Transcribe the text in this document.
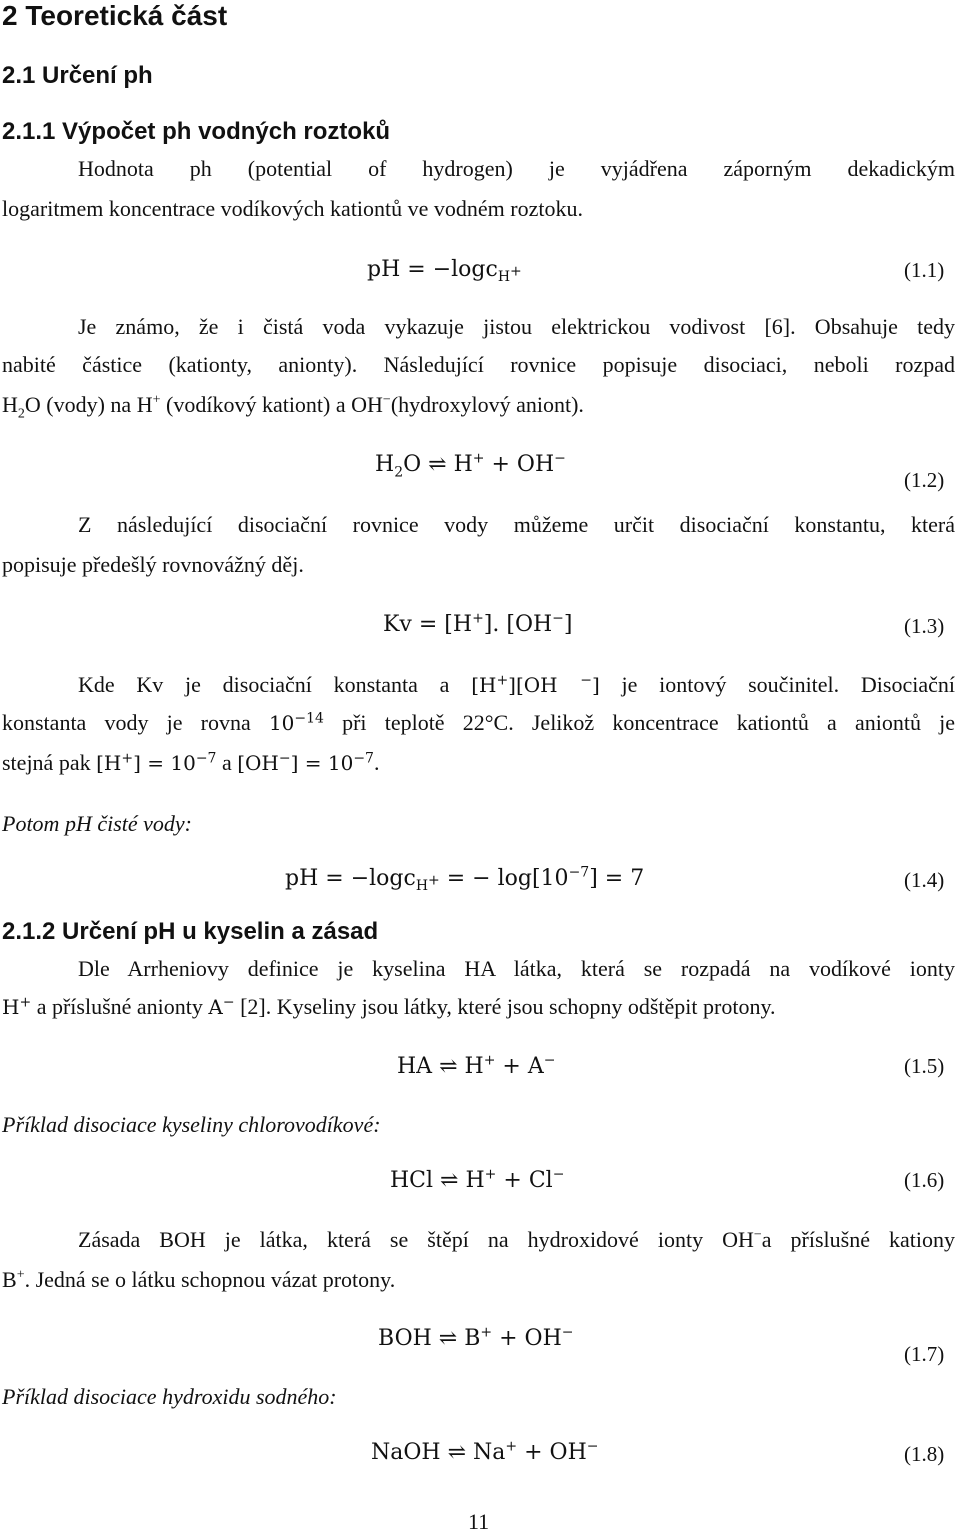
2 Teoretická část
2.1 Určení ph
2.1.1 Výpočet ph vodných roztoků
Hodnota ph (potential of hydrogen) je vyjádřena záporným dekadickým
logaritmem koncentrace vodíkových kationtů ve vodném roztoku.
pH = −logc$_{H^+}$	(1.1)
Je známo, že i čistá voda vykazuje jistou elektrickou vodivost [6]. Obsahuje tedy
nabité částice (kationty, anionty). Následující rovnice popisuje disociaci, neboli rozpad
$H_2O$ (vody) na H+ (vodíkový kationt) a OH−(hydroxylový aniont).
$H_2O$ ⇌ H+ + OH−
(1.2)
Z následující disociační rovnice vody můžeme určit disociační konstantu, která
popisuje předešlý rovnovážný děj.
Kv = [H+]. [OH−]	(1.3)
Kde Kv je disociační konstanta a [H+][OH −] je iontový součinitel. Disociační
konstanta vody je rovna $10^{-14}$ při teplotě 22°C. Jelikož koncentrace kationtů a aniontů je
stejná pak $[H^+] = 10^{-7}$ a $[OH^-] = 10^{-7}$.
Potom pH čisté vody:
pH = −logc$_{H^+}$ = − $\log[10^{-7}] = 7$	(1.4)
2.1.2 Určení pH u kyselin a zásad
Dle Arrheniovy definice je kyselina HA látka, která se rozpadá na vodíkové ionty
H+ a příslušné anionty A− [2]. Kyseliny jsou látky, které jsou schopny odštěpit protony.
HA ⇌ H+ + A−	(1.5)
Příklad disociace kyseliny chlorovodíkové:
HCl ⇌ H+ + Cl−	(1.6)
Zásada BOH je látka, která se štěpí na hydroxidové ionty OH−a příslušné kationy
B+. Jedná se o látku schopnou vázat protony.
BOH ⇌ B+ + OH−
(1.7)
Příklad disociace hydroxidu sodného:
NaOH ⇌ Na+ + OH−	(1.8)
11
